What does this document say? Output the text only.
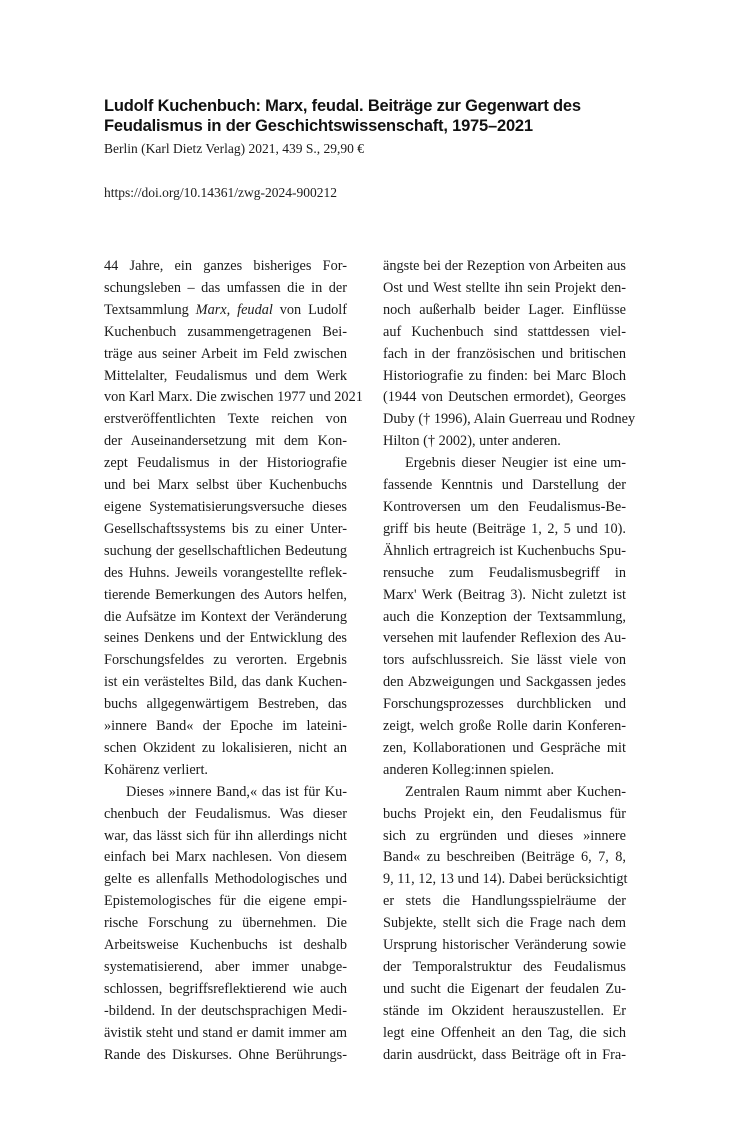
Ludolf Kuchenbuch: Marx, feudal. Beiträge zur Gegenwart des Feudalismus in der Geschichtswissenschaft, 1975–2021
Berlin (Karl Dietz Verlag) 2021, 439 S., 29,90 €
https://doi.org/10.14361/zwg-2024-900212
44 Jahre, ein ganzes bisheriges For-
schungsleben – das umfassen die in der
Textsammlung Marx, feudal von Ludolf
Kuchenbuch zusammengetragenen Bei-
träge aus seiner Arbeit im Feld zwischen
Mittelalter, Feudalismus und dem Werk
von Karl Marx. Die zwischen 1977 und 2021
erstveröffentlichten Texte reichen von
der Auseinandersetzung mit dem Kon-
zept Feudalismus in der Historiografie
und bei Marx selbst über Kuchenbuchs
eigene Systematisierungsversuche dieses
Gesellschaftssystems bis zu einer Unter-
suchung der gesellschaftlichen Bedeutung
des Huhns. Jeweils vorangestellte reflek-
tierende Bemerkungen des Autors helfen,
die Aufsätze im Kontext der Veränderung
seines Denkens und der Entwicklung des
Forschungsfeldes zu verorten. Ergebnis
ist ein verästeltes Bild, das dank Kuchen-
buchs allgegenwärtigem Bestreben, das
»innere Band« der Epoche im lateini-
schen Okzident zu lokalisieren, nicht an
Kohärenz verliert.
Dieses »innere Band,« das ist für Ku-
chenbuch der Feudalismus. Was dieser
war, das lässt sich für ihn allerdings nicht
einfach bei Marx nachlesen. Von diesem
gelte es allenfalls Methodologisches und
Epistemologisches für die eigene empi-
rische Forschung zu übernehmen. Die
Arbeitsweise Kuchenbuchs ist deshalb
systematisierend, aber immer unabge-
schlossen, begriffsreflektierend wie auch
-bildend. In der deutschsprachigen Medi-
ävistik steht und stand er damit immer am
Rande des Diskurses. Ohne Berührungs-
ängste bei der Rezeption von Arbeiten aus
Ost und West stellte ihn sein Projekt den-
noch außerhalb beider Lager. Einflüsse
auf Kuchenbuch sind stattdessen viel-
fach in der französischen und britischen
Historiografie zu finden: bei Marc Bloch
(1944 von Deutschen ermordet), Georges
Duby († 1996), Alain Guerreau und Rodney
Hilton († 2002), unter anderen.
Ergebnis dieser Neugier ist eine um-
fassende Kenntnis und Darstellung der
Kontroversen um den Feudalismus-Be-
griff bis heute (Beiträge 1, 2, 5 und 10).
Ähnlich ertragreich ist Kuchenbuchs Spu-
rensuche zum Feudalismusbegriff in
Marx' Werk (Beitrag 3). Nicht zuletzt ist
auch die Konzeption der Textsammlung,
versehen mit laufender Reflexion des Au-
tors aufschlussreich. Sie lässt viele von
den Abzweigungen und Sackgassen jedes
Forschungsprozesses durchblicken und
zeigt, welch große Rolle darin Konferen-
zen, Kollaborationen und Gespräche mit
anderen Kolleg:innen spielen.
Zentralen Raum nimmt aber Kuchen-
buchs Projekt ein, den Feudalismus für
sich zu ergründen und dieses »innere
Band« zu beschreiben (Beiträge 6, 7, 8,
9, 11, 12, 13 und 14). Dabei berücksichtigt
er stets die Handlungsspielräume der
Subjekte, stellt sich die Frage nach dem
Ursprung historischer Veränderung sowie
der Temporalstruktur des Feudalismus
und sucht die Eigenart der feudalen Zu-
stände im Okzident herauszustellen. Er
legt eine Offenheit an den Tag, die sich
darin ausdrückt, dass Beiträge oft in Fra-
